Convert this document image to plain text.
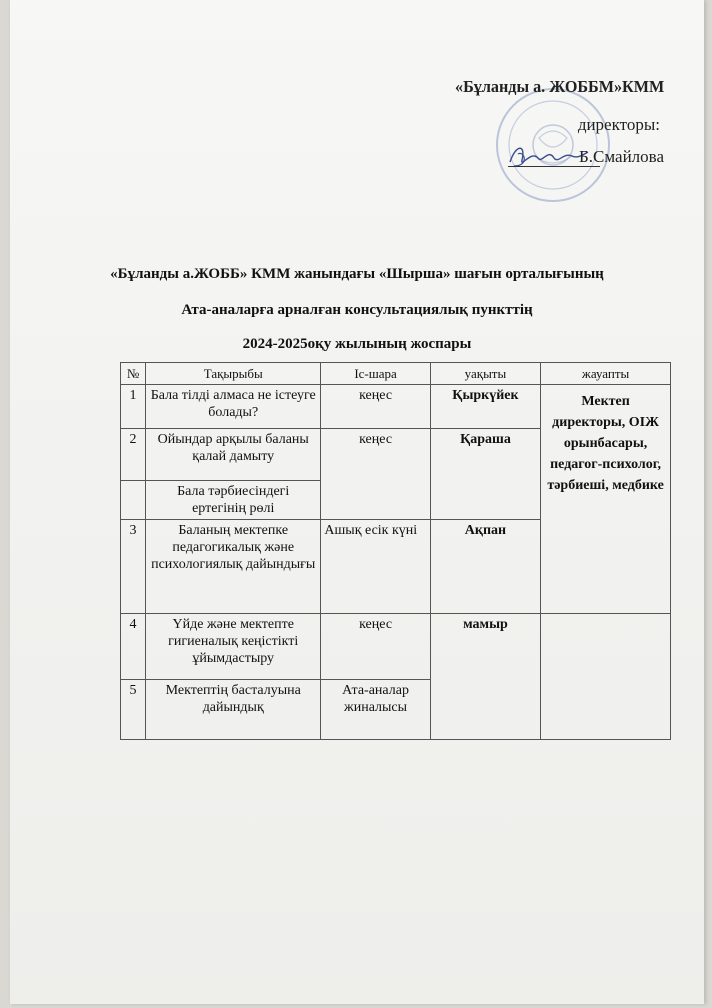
«Бұланды а. ЖОББМ»КММ
директоры:
Б.Смайлова
«Бұланды а.ЖОББ» КММ жанындағы «Шырша» шағын орталығының
Ата-аналарға арналған консультациялық пункттің
2024-2025оқу жылының жоспары
№	Тақырыбы	Іс-шара	уақыты	жауапты
1	Бала тілді алмаса не істеуге болады?	кеңес	Қыркүйек	Мектеп директоры, ОІЖ орынбасары, педагог-психолог, тәрбиеші, медбике
2	Ойындар арқылы баланы қалай дамыту	кеңес	Қараша	
	Бала тәрбиесіндегі ертегінің рөлі			
3	Баланың мектепке педагогикалық және психологиялық дайындығы	Ашық есік күні	Ақпан	
4	Үйде және мектепте гигиеналық кеңістікті ұйымдастыру	кеңес	мамыр	
5	Мектептің басталуына дайындық	Ата-аналар жиналысы		
